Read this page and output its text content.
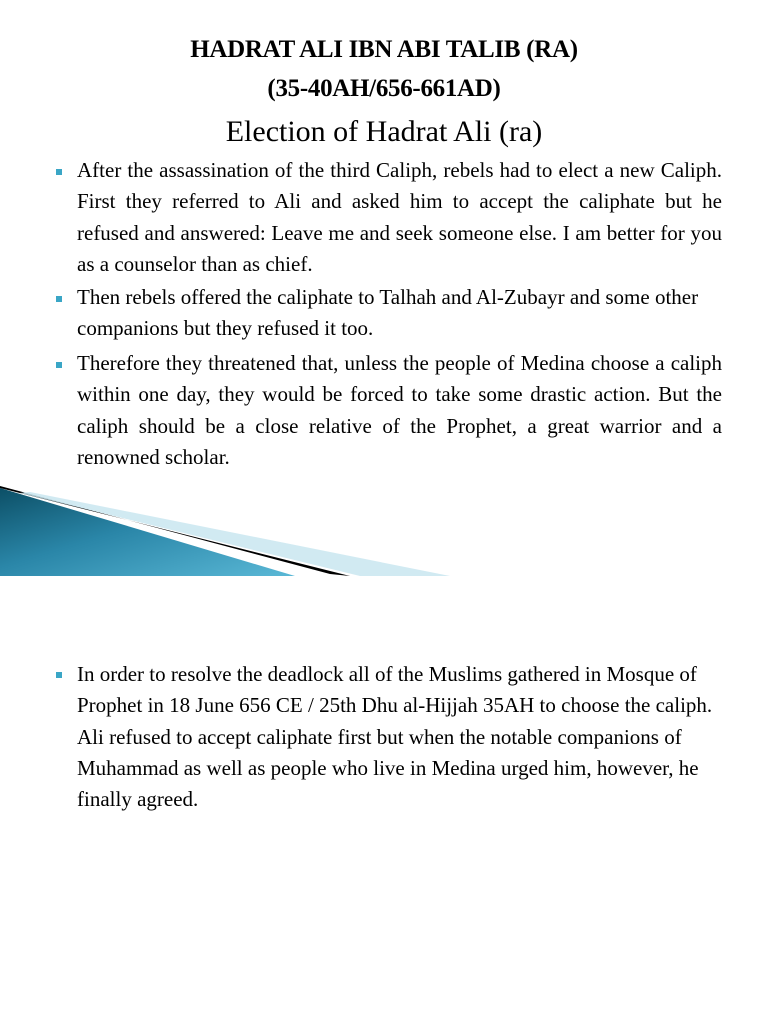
HADRAT ALI IBN ABI TALIB (RA)
(35-40AH/656-661AD)
Election of Hadrat Ali (ra)
After the assassination of the third Caliph, rebels had to elect a new Caliph. First they referred to Ali and asked him to accept the caliphate but he refused and answered: Leave me and seek someone else. I am better for you as a counselor than as chief.
Then rebels offered the caliphate to Talhah and Al-Zubayr and some other companions but they refused it too.
Therefore they threatened that, unless the people of Medina choose a caliph within one day, they would be forced to take some drastic action. But the caliph should be a close relative of the Prophet, a great warrior and a renowned scholar.
In order to resolve the deadlock all of the Muslims gathered in Mosque of Prophet in 18 June 656 CE / 25th Dhu al-Hijjah 35AH to choose the caliph. Ali refused to accept caliphate first but when the notable companions of Muhammad as well as people who live in Medina urged him, however, he finally agreed.
